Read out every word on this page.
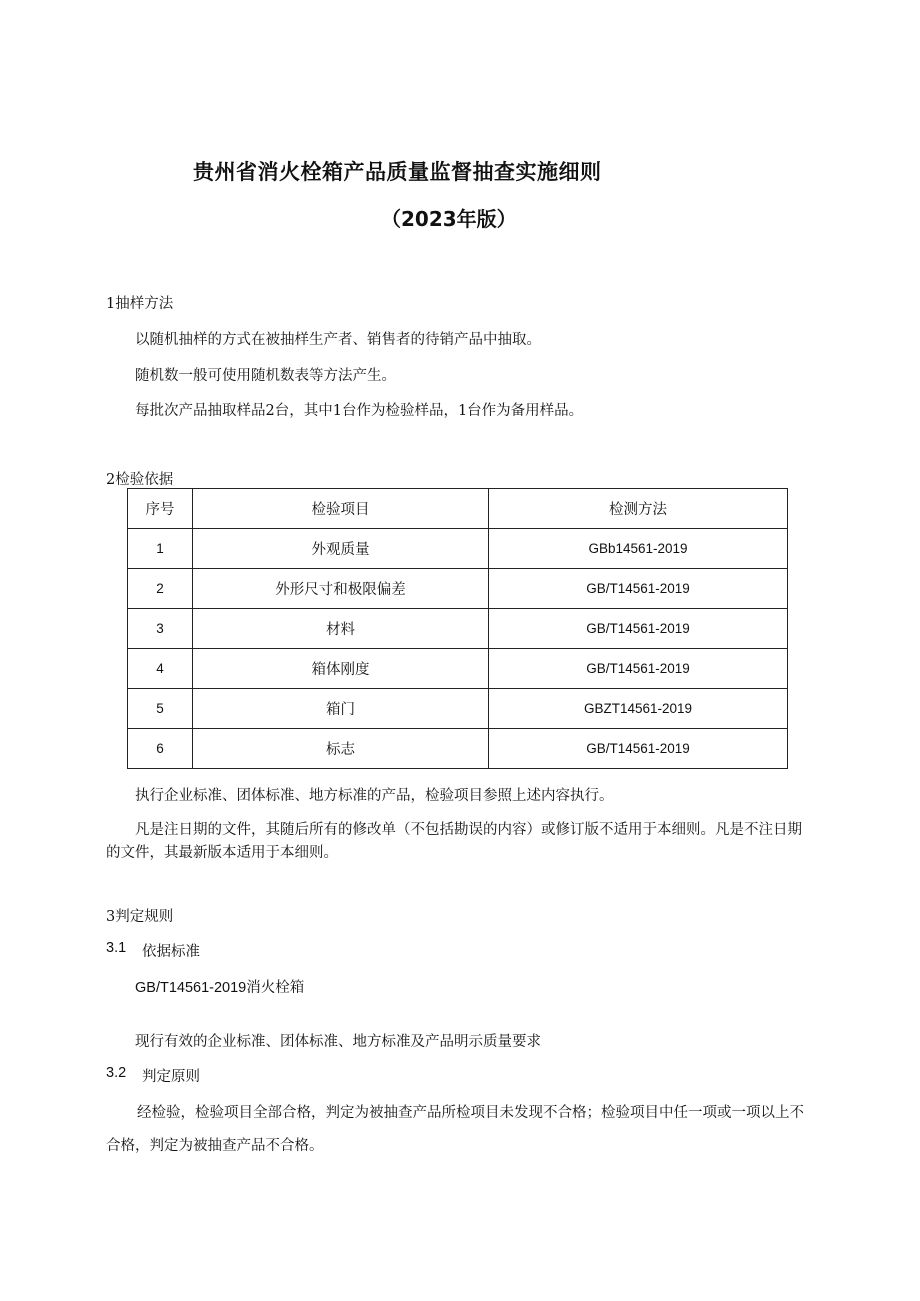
贵州省消火栓箱产品质量监督抽查实施细则
（2023年版）
1抽样方法
以随机抽样的方式在被抽样生产者、销售者的待销产品中抽取。
随机数一般可使用随机数表等方法产生。
每批次产品抽取样品2台，其中1台作为检验样品，1台作为备用样品。
2检验依据
序号	检验项目	检测方法
1	外观质量	GBb14561-2019
2	外形尺寸和极限偏差	GB/T14561-2019
3	材料	GB/T14561-2019
4	箱体刚度	GB/T14561-2019
5	箱门	GBZT14561-2019
6	标志	GB/T14561-2019
执行企业标准、团体标准、地方标准的产品，检验项目参照上述内容执行。
凡是注日期的文件，其随后所有的修改单（不包括勘误的内容）或修订版不适用于本细则。凡是不注日期的文件，其最新版本适用于本细则。
3判定规则
3.1 依据标准
GB/T14561-2019消火栓箱
现行有效的企业标准、团体标准、地方标准及产品明示质量要求
3.2 判定原则
经检验，检验项目全部合格，判定为被抽查产品所检项目未发现不合格；检验项目中任一项或一项以上不合格，判定为被抽查产品不合格。
